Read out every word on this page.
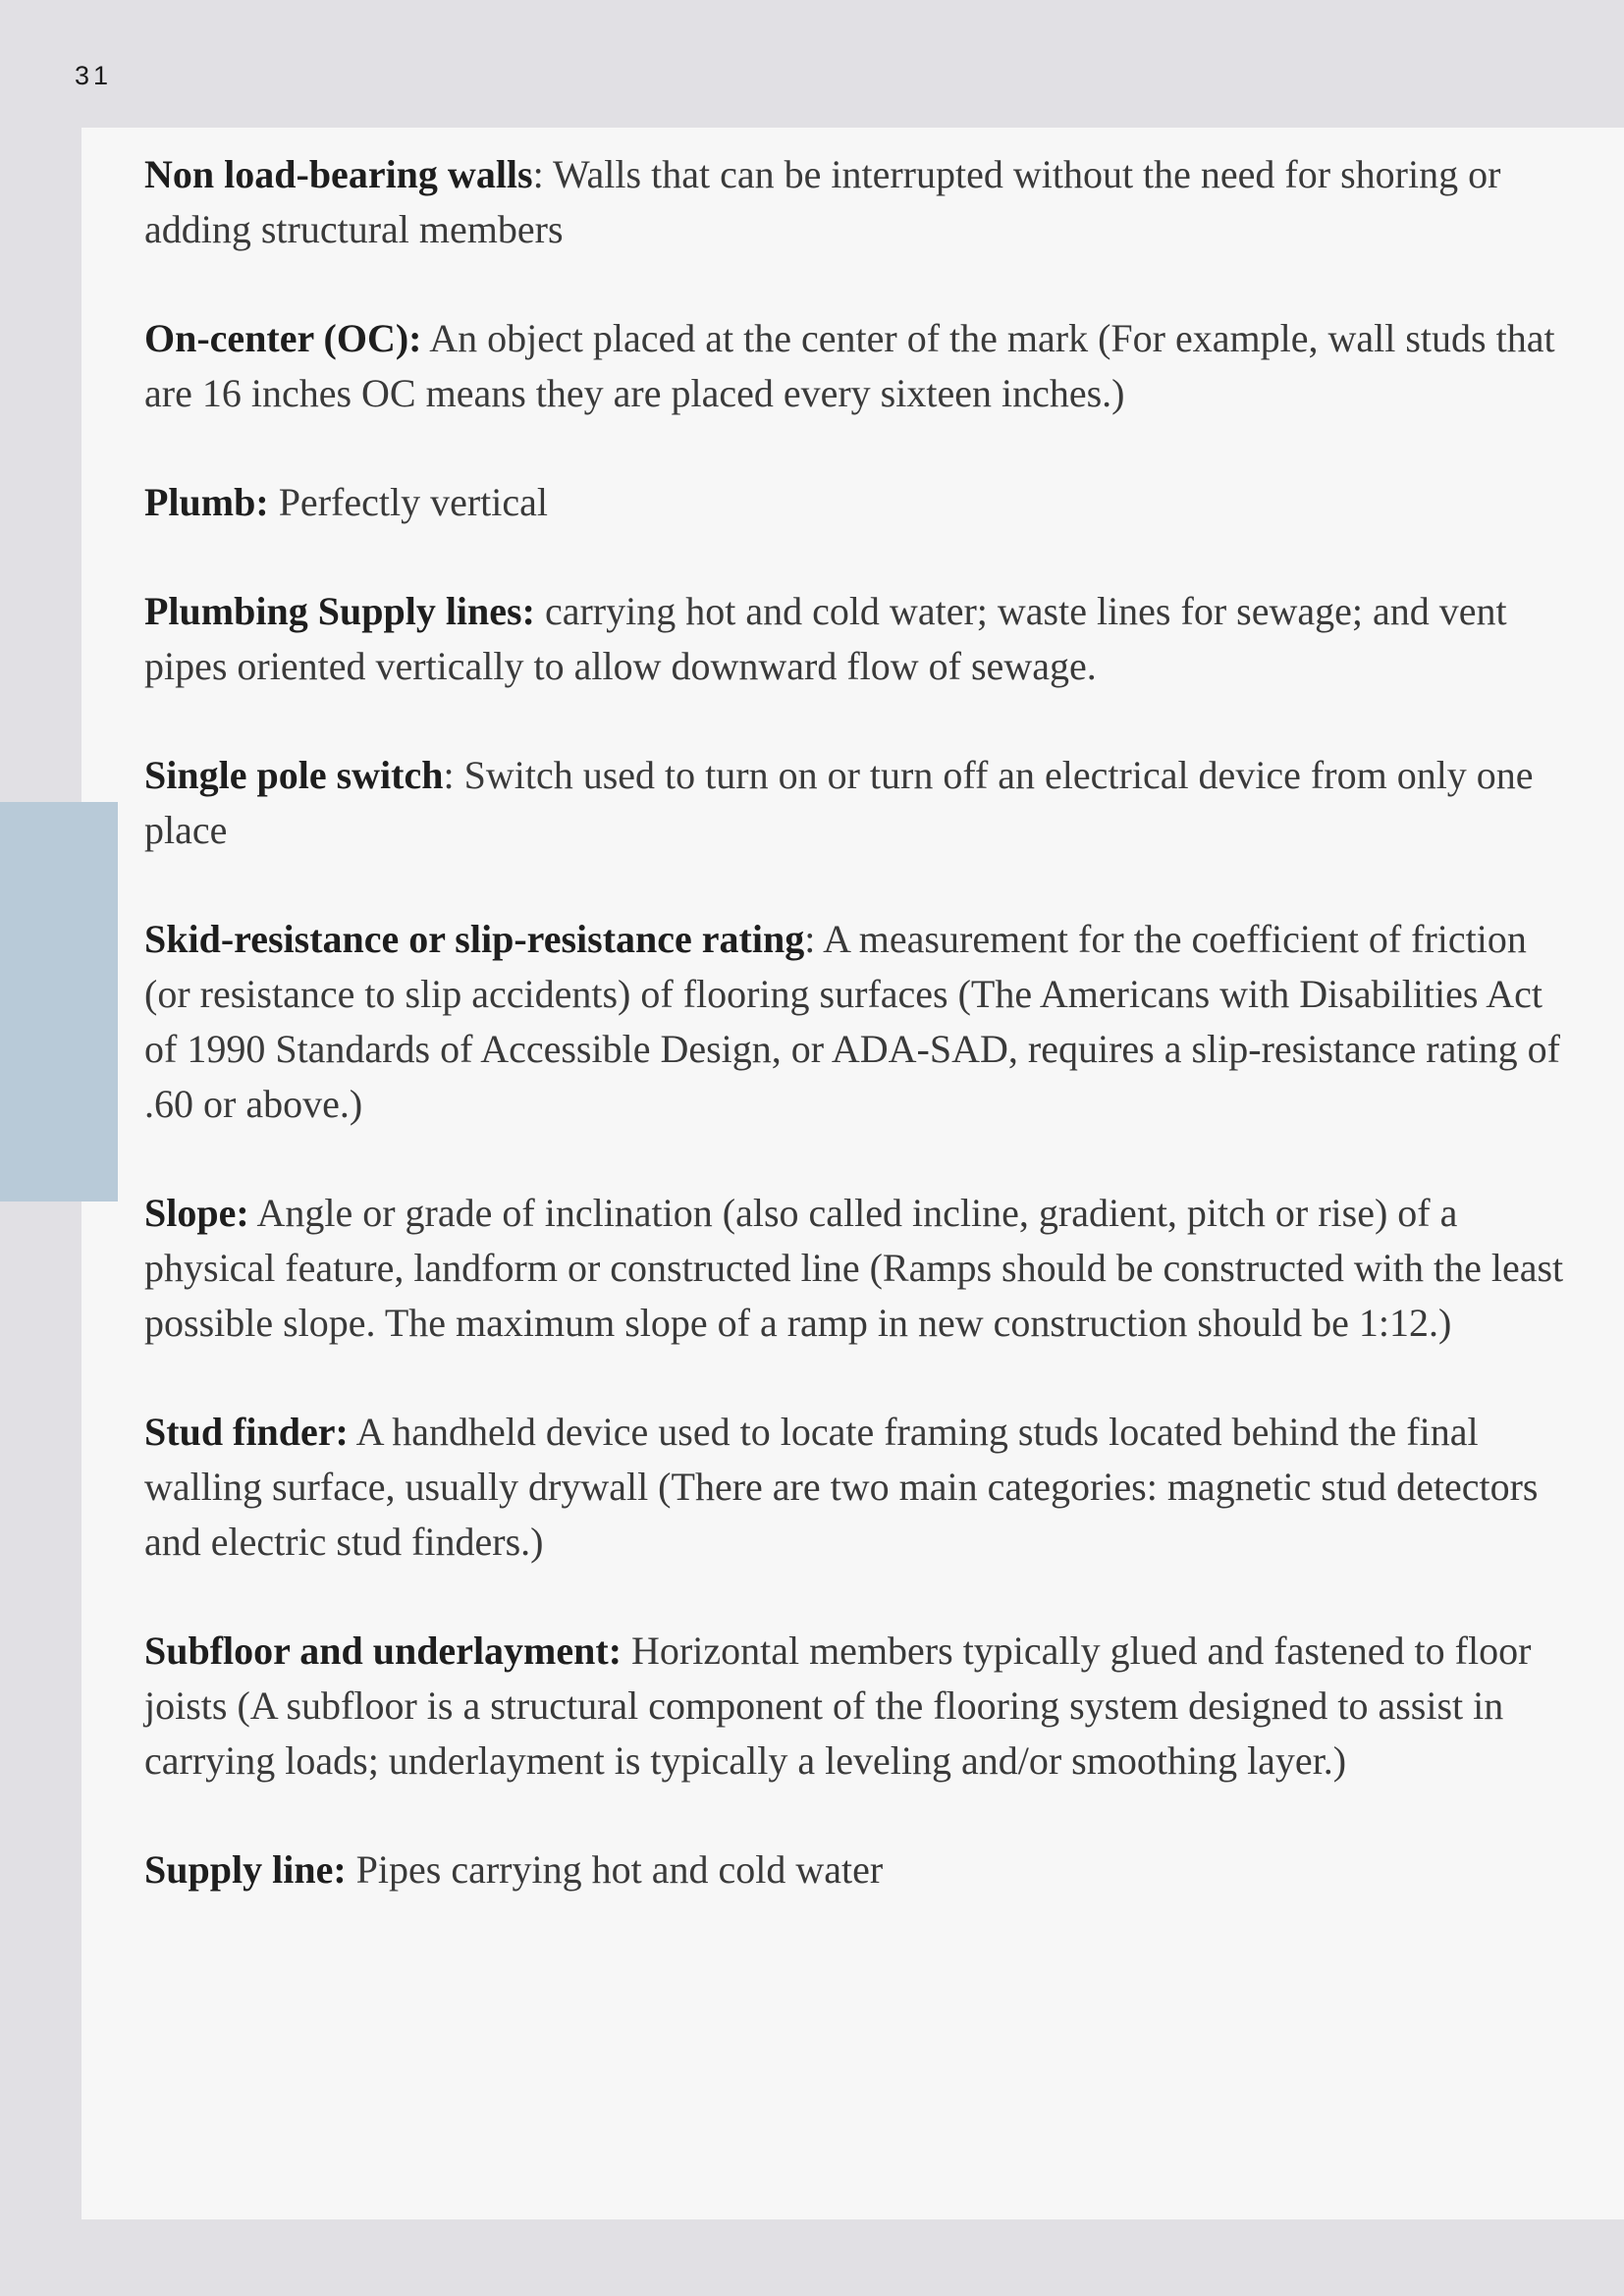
31
Non load-bearing walls: Walls that can be interrupted without the need for shoring or adding structural members
On-center (OC): An object placed at the center of the mark (For example, wall studs that are 16 inches OC means they are placed every sixteen inches.)
Plumb: Perfectly vertical
Plumbing Supply lines: carrying hot and cold water; waste lines for sewage; and vent pipes oriented vertically to allow downward flow of sewage.
Single pole switch: Switch used to turn on or turn off an electrical device from only one place
Skid-resistance or slip-resistance rating: A measurement for the coefficient of friction (or resistance to slip accidents) of flooring surfaces (The Americans with Disabilities Act of 1990 Standards of Accessible Design, or ADA-SAD, requires a slip-resistance rating of .60 or above.)
Slope: Angle or grade of inclination (also called incline, gradient, pitch or rise) of a physical feature, landform or constructed line (Ramps should be constructed with the least possible slope. The maximum slope of a ramp in new construction should be 1:12.)
Stud finder: A handheld device used to locate framing studs located behind the final walling surface, usually drywall (There are two main categories: magnetic stud detectors and electric stud finders.)
Subfloor and underlayment: Horizontal members typically glued and fastened to floor joists (A subfloor is a structural component of the flooring system designed to assist in carrying loads; underlayment is typically a leveling and/or smoothing layer.)
Supply line: Pipes carrying hot and cold water
